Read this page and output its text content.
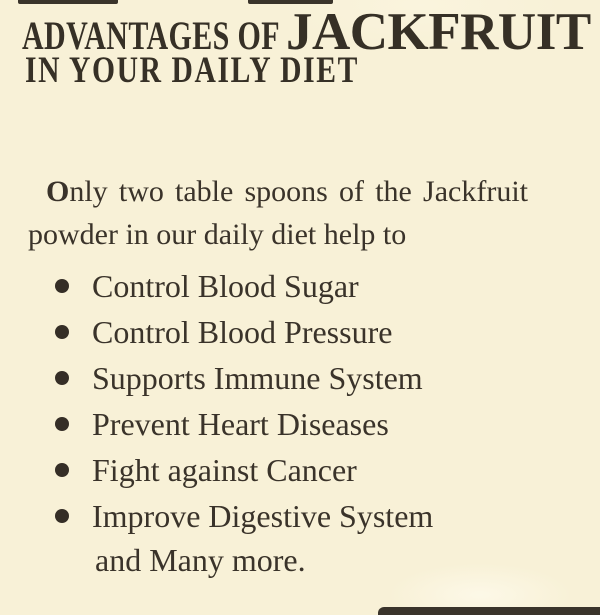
ADVANTAGES OF JACKFRUIT
IN YOUR DAILY DIET

Only two table spoons of the Jackfruit
powder in our daily diet help to

Control Blood Sugar
Control Blood Pressure
Supports Immune System
Prevent Heart Diseases
Fight against Cancer
Improve Digestive System
and Many more.
